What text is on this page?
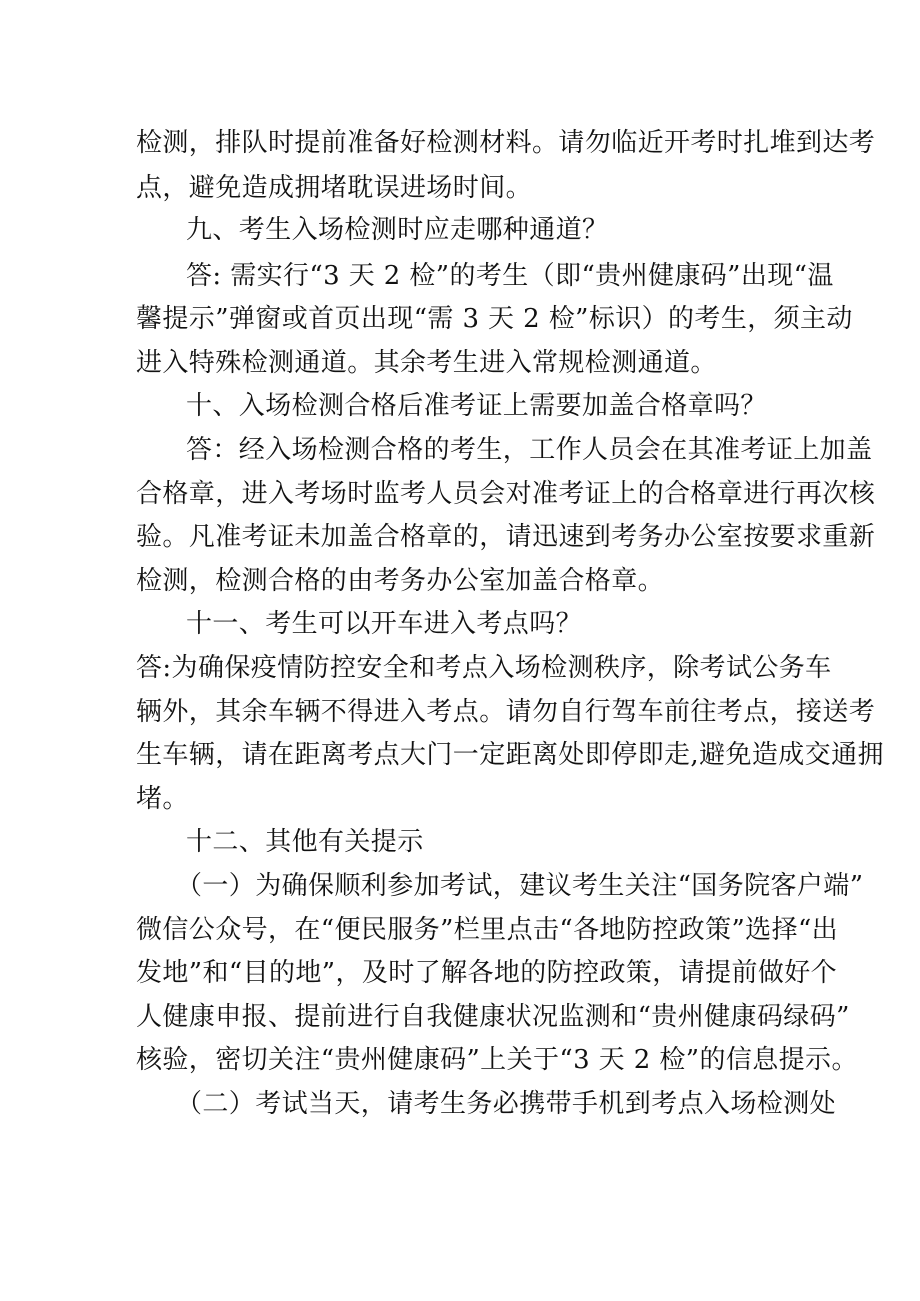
检测，排队时提前准备好检测材料。请勿临近开考时扎堆到达考
点，避免造成拥堵耽误进场时间。
九、考生入场检测时应走哪种通道？
答: 需实行“3 天 2 检”的考生（即“贵州健康码”出现“温
馨提示”弹窗或首页出现“需 3 天 2 检”标识）的考生，须主动
进入特殊检测通道。其余考生进入常规检测通道。
十、入场检测合格后准考证上需要加盖合格章吗？
答：经入场检测合格的考生，工作人员会在其准考证上加盖
合格章，进入考场时监考人员会对准考证上的合格章进行再次核
验。凡准考证未加盖合格章的，请迅速到考务办公室按要求重新
检测，检测合格的由考务办公室加盖合格章。
十一、考生可以开车进入考点吗？
答:为确保疫情防控安全和考点入场检测秩序，除考试公务车
辆外，其余车辆不得进入考点。请勿自行驾车前往考点，接送考
生车辆，请在距离考点大门一定距离处即停即走,避免造成交通拥
堵。
十二、其他有关提示
（一）为确保顺利参加考试，建议考生关注“国务院客户端”
微信公众号，在“便民服务”栏里点击“各地防控政策”选择“出
发地”和“目的地”，及时了解各地的防控政策，请提前做好个
人健康申报、提前进行自我健康状况监测和“贵州健康码绿码”
核验，密切关注“贵州健康码”上关于“3 天 2 检”的信息提示。
（二）考试当天，请考生务必携带手机到考点入场检测处
